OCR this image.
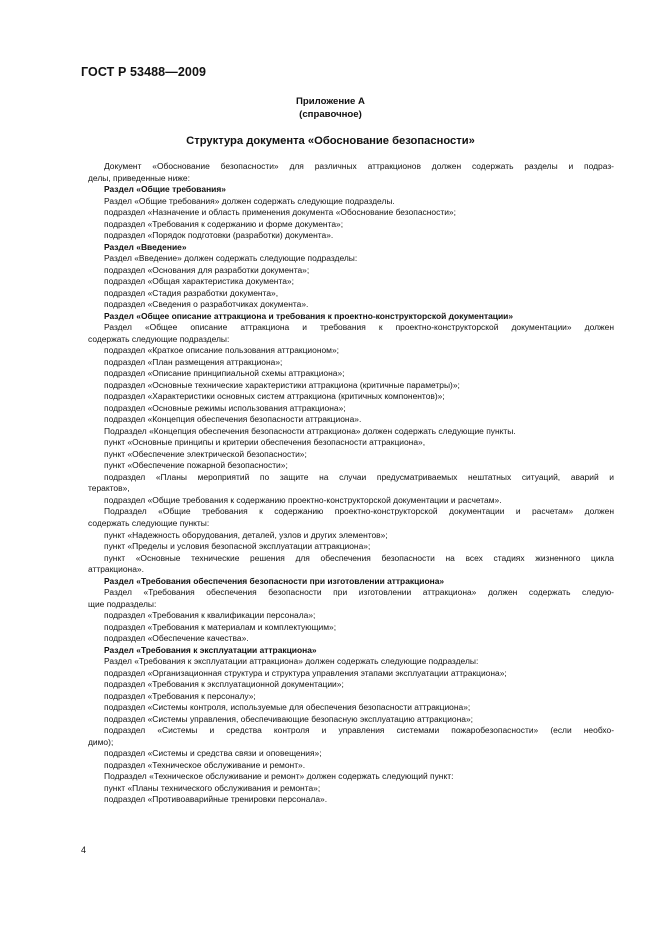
ГОСТ Р 53488—2009
Приложение А
(справочное)
Структура документа «Обоснование безопасности»

Документ «Обоснование безопасности» для различных аттракционов должен содержать разделы и подраз-

делы, приведенные ниже:

Раздел «Общие требования»

Раздел «Общие требования» должен содержать следующие подразделы.

подраздел «Назначение и область применения документа «Обоснование безопасности»;

подраздел «Требования к содержанию и форме документа»;

подраздел «Порядок подготовки (разработки) документа».

Раздел «Введение»

Раздел «Введение» должен содержать следующие подразделы:

подраздел «Основания для разработки документа»;

подраздел «Общая характеристика документа»;

подраздел «Стадия разработки документа»,

подраздел «Сведения о разработчиках документа».

Раздел «Общее описание аттракциона и требования к проектно-конструкторской документации»

Раздел «Общее описание аттракциона и требования к проектно-конструкторской документации» должен

содержать следующие подразделы:

подраздел «Краткое описание пользования аттракционом»;

подраздел «План размещения аттракциона»;

подраздел «Описание принципиальной схемы аттракциона»;

подраздел «Основные технические характеристики аттракциона (критичные параметры)»;

подраздел «Характеристики основных систем аттракциона (критичных компонентов)»;

подраздел «Основные режимы использования аттракциона»;

подраздел «Концепция обеспечения безопасности аттракциона».

Подраздел «Концепция обеспечения безопасности аттракциона» должен содержать следующие пункты.

пункт «Основные принципы и критерии обеспечения безопасности аттракциона»,

пункт «Обеспечение электрической безопасности»;

пункт «Обеспечение пожарной безопасности»;

подраздел «Планы мероприятий по защите на случаи предусматриваемых нештатных ситуаций, аварий и

терактов»,

подраздел «Общие требования к содержанию проектно-конструкторской документации и расчетам».

Подраздел «Общие требования к содержанию проектно-конструкторской документации и расчетам» должен

содержать следующие пункты:

пункт «Надежность оборудования, деталей, узлов и других элементов»;

пункт «Пределы и условия безопасной эксплуатации аттракциона»;

пункт «Основные технические решения для обеспечения безопасности на всех стадиях жизненного цикла

аттракциона».

Раздел «Требования обеспечения безопасности при изготовлении аттракциона»

Раздел «Требования обеспечения безопасности при изготовлении аттракциона» должен содержать следую-

щие подразделы:

подраздел «Требования к квалификации персонала»;

подраздел «Требования к материалам и комплектующим»;

подраздел «Обеспечение качества».

Раздел «Требования к эксплуатации аттракциона»

Раздел «Требования к эксплуатации аттракциона» должен содержать следующие подразделы:

подраздел «Организационная структура и структура управления этапами эксплуатации аттракциона»;

подраздел «Требования к эксплуатационной документации»;

подраздел «Требования к персоналу»;

подраздел «Системы контроля, используемые для обеспечения безопасности аттракциона»;

подраздел «Системы управления, обеспечивающие безопасную эксплуатацию аттракциона»;

подраздел «Системы и средства контроля и управления системами пожаробезопасности» (если необхо-

димо);

подраздел «Системы и средства связи и оповещения»;

подраздел «Техническое обслуживание и ремонт».

Подраздел «Техническое обслуживание и ремонт» должен содержать следующий пункт:

пункт «Планы технического обслуживания и ремонта»;

подраздел «Противоаварийные тренировки персонала».

4
